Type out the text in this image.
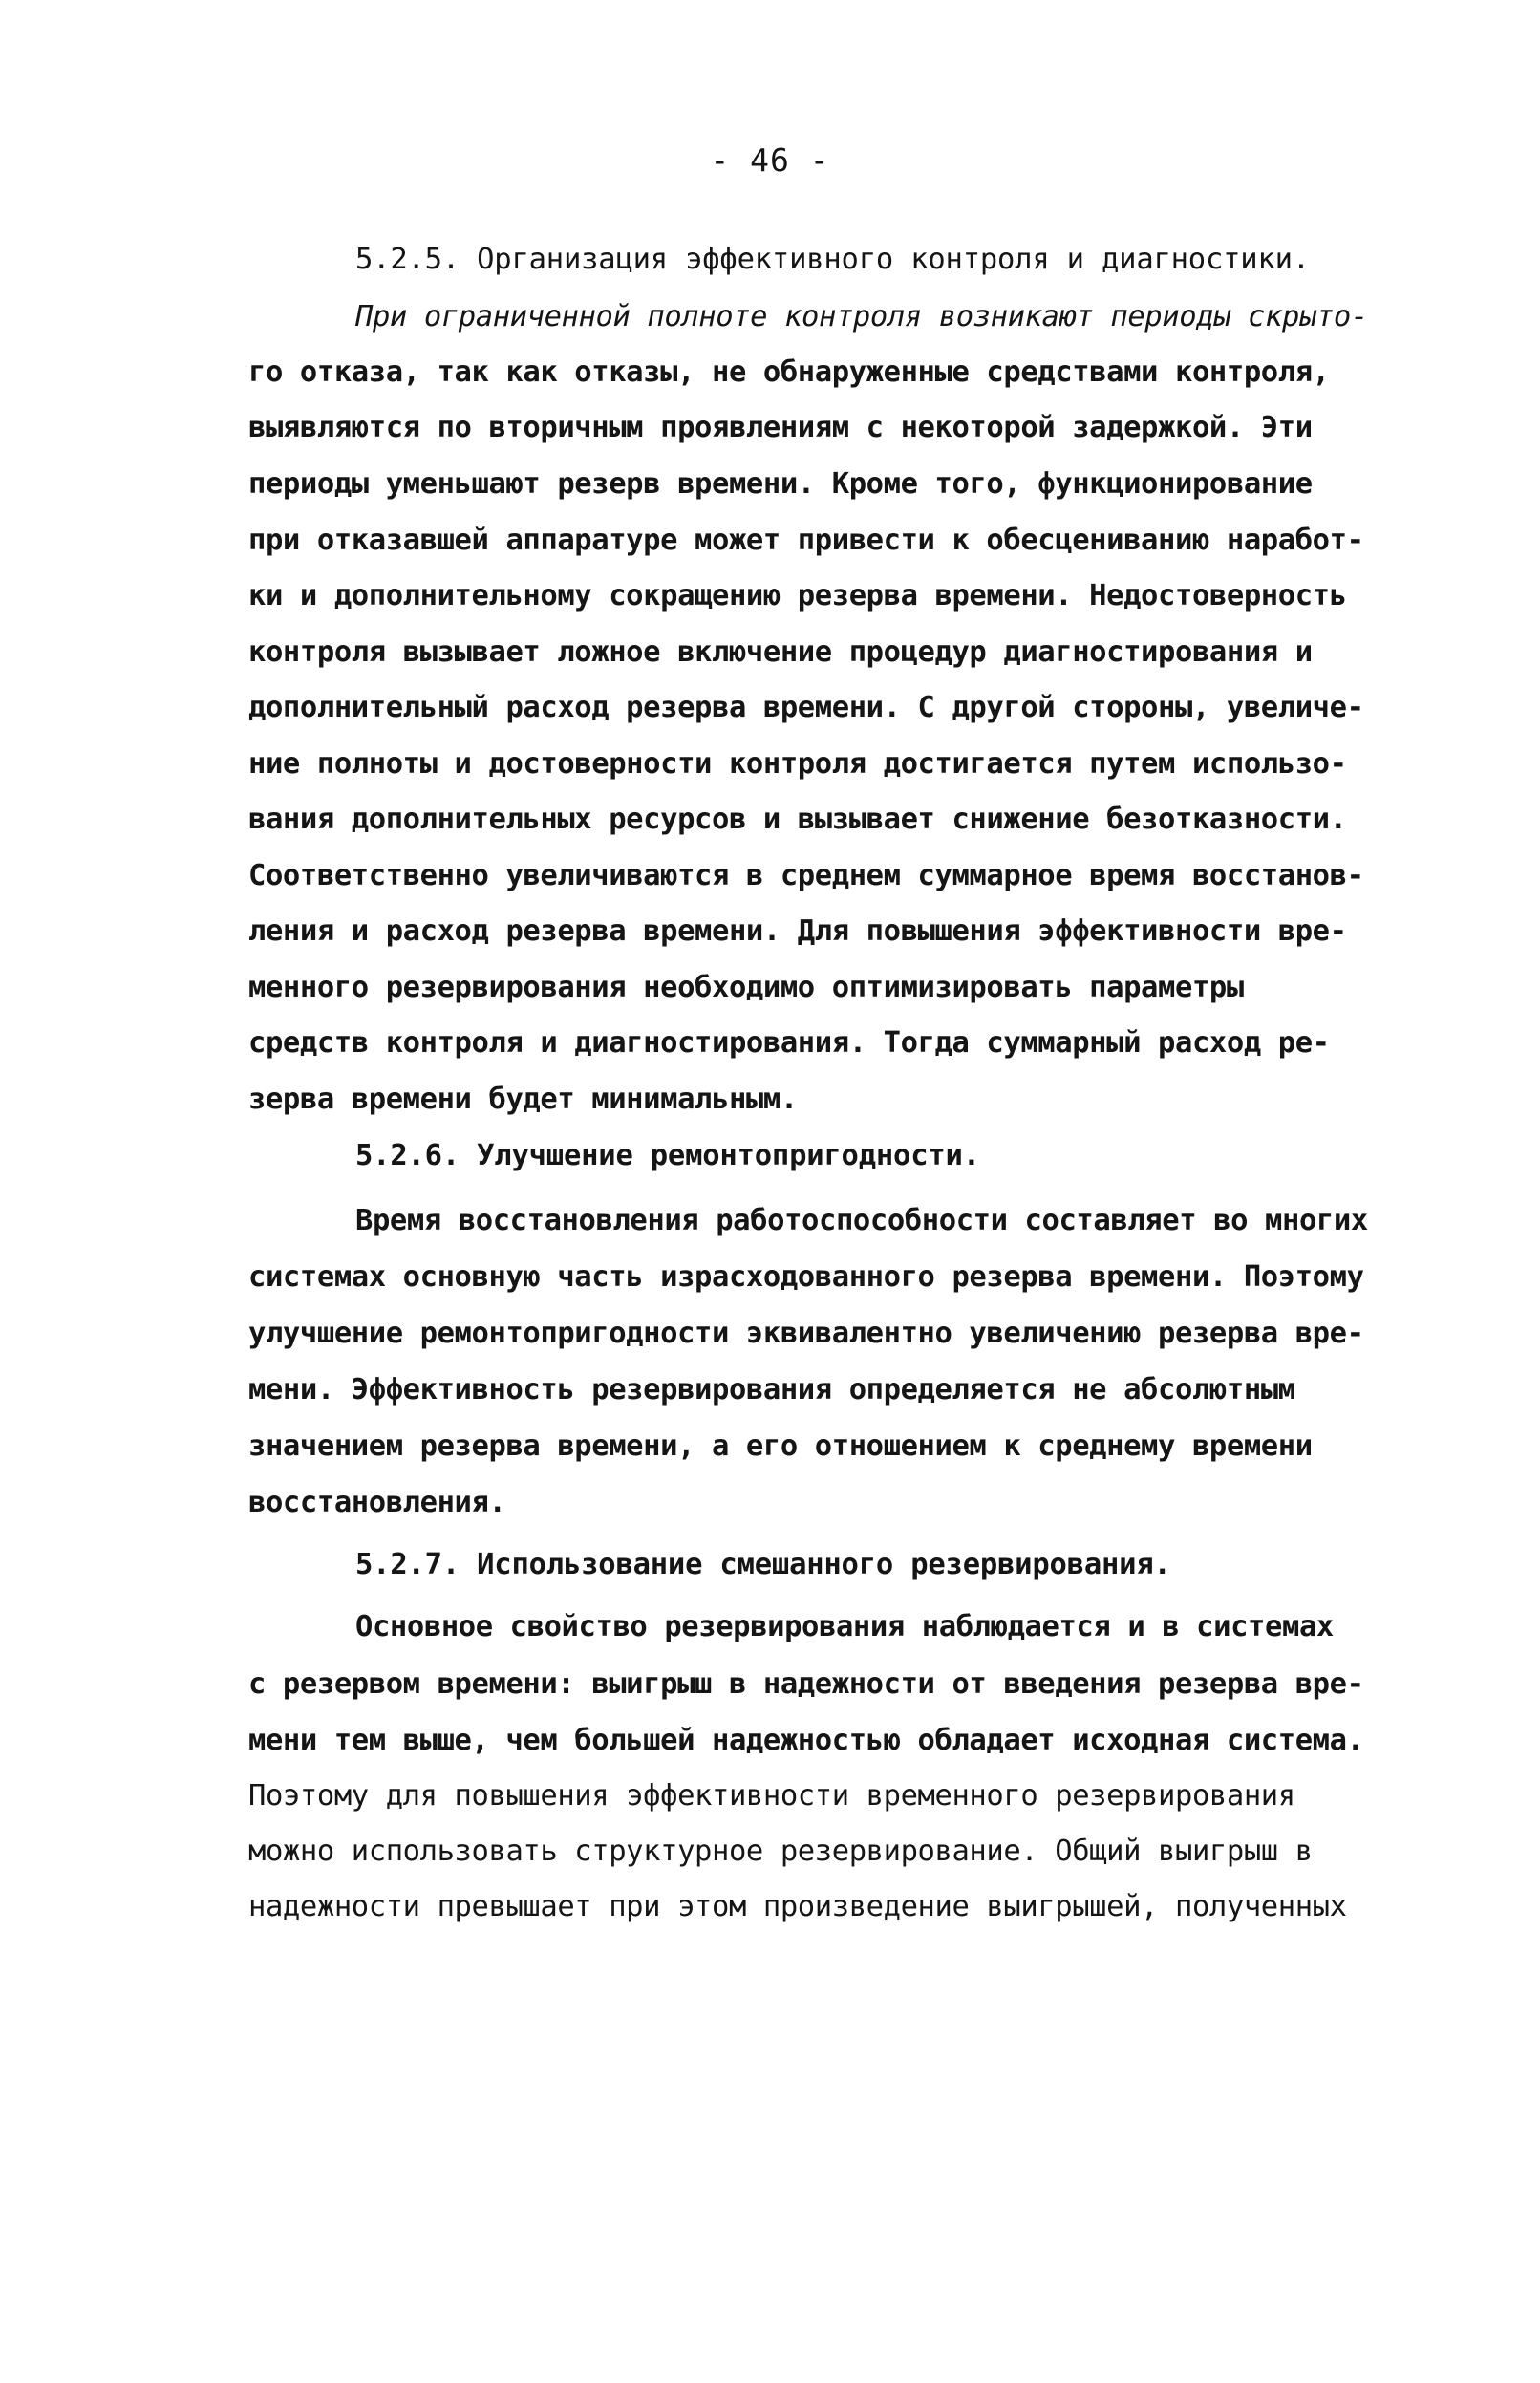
- 46 -
5.2.5. Организация эффективного контроля и диагностики.
При ограниченной полноте контроля возникают периоды скрыто-
го отказа, так как отказы, не обнаруженные средствами контроля,
выявляются по вторичным проявлениям с некоторой задержкой. Эти
периоды уменьшают резерв времени. Кроме того, функционирование
при отказавшей аппаратуре может привести к обесцениванию наработ-
ки и дополнительному сокращению резерва времени. Недостоверность
контроля вызывает ложное включение процедур диагностирования и
дополнительный расход резерва времени. С другой стороны, увеличе-
ние полноты и достоверности контроля достигается путем использо-
вания дополнительных ресурсов и вызывает снижение безотказности.
Соответственно увеличиваются в среднем суммарное время восстанов-
ления и расход резерва времени. Для повышения эффективности вре-
менного резервирования необходимо оптимизировать параметры
средств контроля и диагностирования. Тогда суммарный расход ре-
зерва времени будет минимальным.
5.2.6. Улучшение ремонтопригодности.
Время восстановления работоспособности составляет во многих
системах основную часть израсходованного резерва времени. Поэтому
улучшение ремонтопригодности эквивалентно увеличению резерва вре-
мени. Эффективность резервирования определяется не абсолютным
значением резерва времени, а его отношением к среднему времени
восстановления.
5.2.7. Использование смешанного резервирования.
Основное свойство резервирования наблюдается и в системах
с резервом времени: выигрыш в надежности от введения резерва вре-
мени тем выше, чем большей надежностью обладает исходная система.
Поэтому для повышения эффективности временного резервирования
можно использовать структурное резервирование. Общий выигрыш в
надежности превышает при этом произведение выигрышей, полученных
